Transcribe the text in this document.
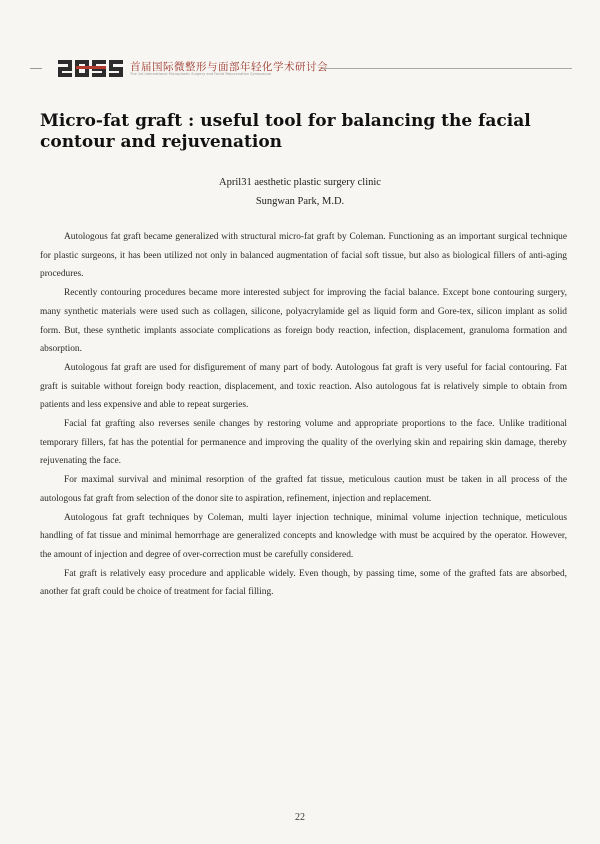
首届国际微整形与面部年轻化学术研讨会
The 1st International Microplastic Surgery and Facial Rejuvenation Symposium
Micro-fat graft : useful tool for balancing the facial contour and rejuvenation
April31 aesthetic plastic surgery clinic
Sungwan Park, M.D.

Autologous fat graft became generalized with structural micro-fat graft by Coleman. Functioning as an important surgical technique for plastic surgeons, it has been utilized not only in balanced augmentation of facial soft tissue, but also as biological fillers of anti-aging procedures.

Recently contouring procedures became more interested subject for improving the facial balance. Except bone contouring surgery, many synthetic materials were used such as collagen, silicone, polyacrylamide gel as liquid form and Gore-tex, silicon implant as solid form. But, these synthetic implants associate complications as foreign body reaction, infection, displacement, granuloma formation and absorption.

Autologous fat graft are used for disfigurement of many part of body. Autologous fat graft is very useful for facial contouring. Fat graft is suitable without foreign body reaction, displacement, and toxic reaction. Also autologous fat is relatively simple to obtain from patients and less expensive and able to repeat surgeries.

Facial fat grafting also reverses senile changes by restoring volume and appropriate proportions to the face. Unlike traditional temporary fillers, fat has the potential for permanence and improving the quality of the overlying skin and repairing skin damage, thereby rejuvenating the face.

For maximal survival and minimal resorption of the grafted fat tissue, meticulous caution must be taken in all process of the autologous fat graft from selection of the donor site to aspiration, refinement, injection and replacement.

Autologous fat graft techniques by Coleman, multi layer injection technique, minimal volume injection technique, meticulous handling of fat tissue and minimal hemorrhage are generalized concepts and knowledge with must be acquired by the operator. However, the amount of injection and degree of over-correction must be carefully considered.

Fat graft is relatively easy procedure and applicable widely. Even though, by passing time, some of the grafted fats are absorbed, another fat graft could be choice of treatment for facial filling.

22
